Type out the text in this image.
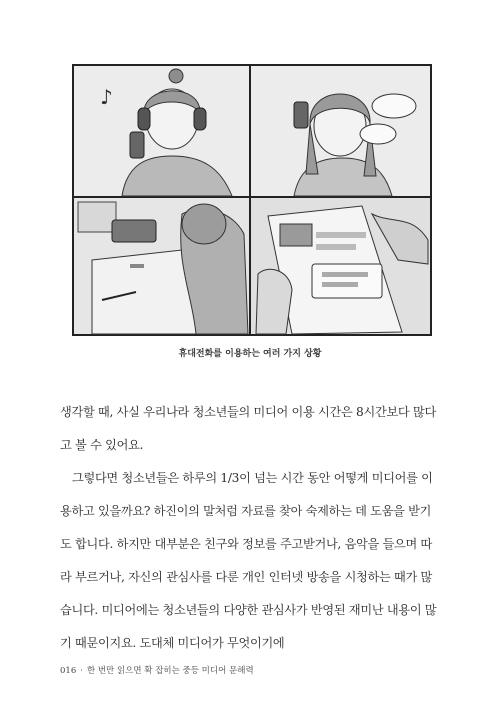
♪
휴대전화를 이용하는 여러 가지 상황

생각할 때, 사실 우리나라 청소년들의 미디어 이용 시간은 8시간보다 많다고 볼 수 있어요.

그렇다면 청소년들은 하루의 1/3이 넘는 시간 동안 어떻게 미디어를 이용하고 있을까요? 하진이의 말처럼 자료를 찾아 숙제하는 데 도움을 받기도 합니다. 하지만 대부분은 친구와 정보를 주고받거나, 음악을 들으며 따라 부르거나, 자신의 관심사를 다룬 개인 인터넷 방송을 시청하는 때가 많습니다. 미디어에는 청소년들의 다양한 관심사가 반영된 재미난 내용이 많기 때문이지요. 도대체 미디어가 무엇이기에

016 · 한 번만 읽으면 확 잡히는 중등 미디어 문해력
